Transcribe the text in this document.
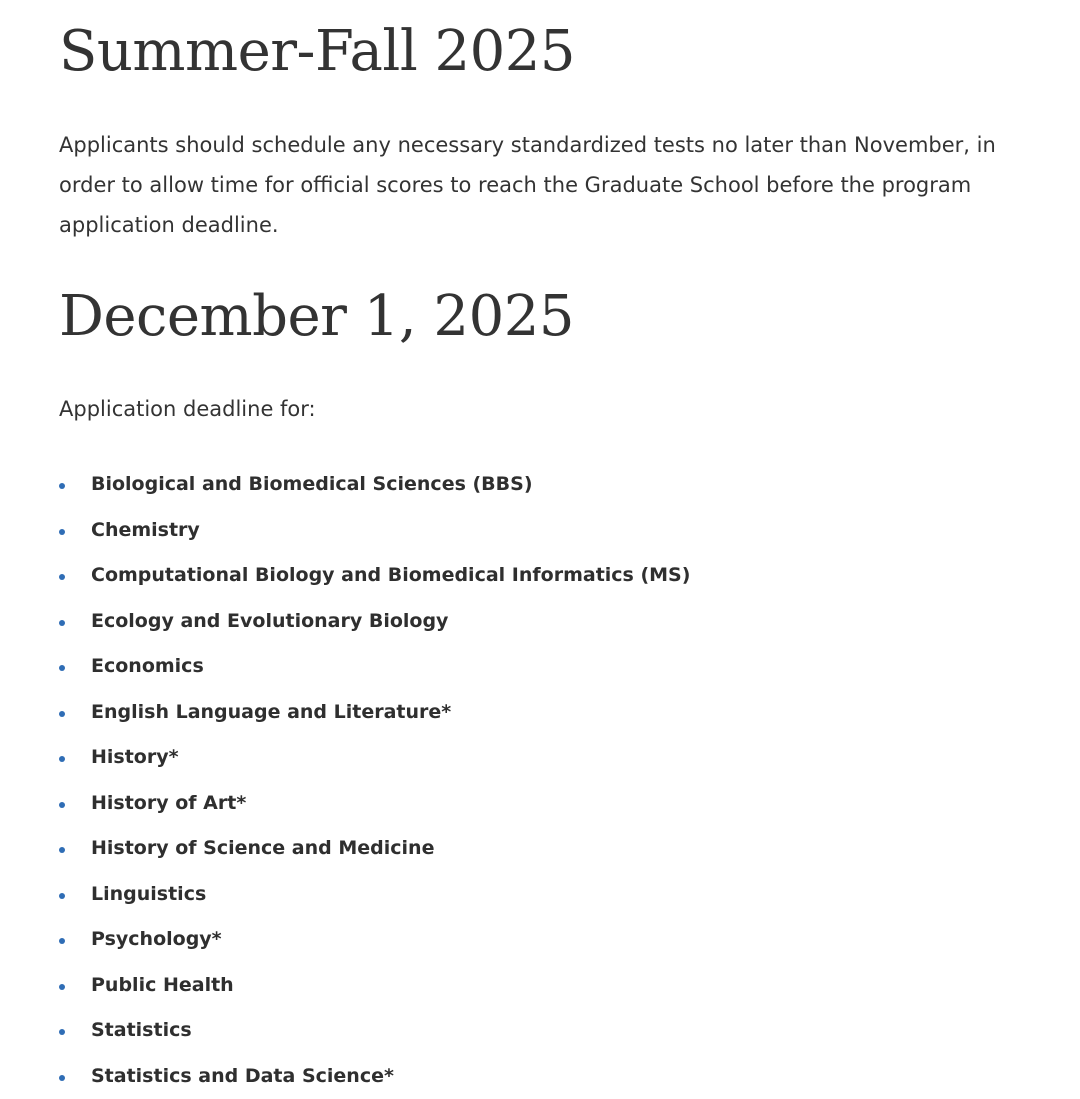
Summer-Fall 2025

Applicants should schedule any necessary standardized tests no later than November, in order to allow time for official scores to reach the Graduate School before the program application deadline.

December 1, 2025

Application deadline for:

Biological and Biomedical Sciences (BBS)
Chemistry
Computational Biology and Biomedical Informatics (MS)
Ecology and Evolutionary Biology
Economics
English Language and Literature*
History*
History of Art*
History of Science and Medicine
Linguistics
Psychology*
Public Health
Statistics
Statistics and Data Science*
